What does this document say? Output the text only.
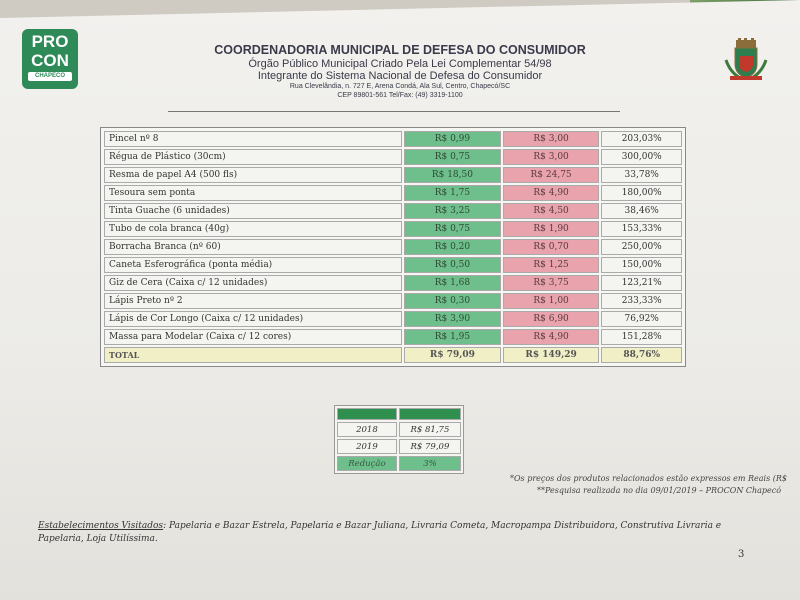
PRO
CON
CHAPECÓ
COORDENADORIA MUNICIPAL DE DEFESA DO CONSUMIDOR
Órgão Público Municipal Criado Pela Lei Complementar 54/98
Integrante do Sistema Nacional de Defesa do Consumidor
Rua Clevelândia, n. 727 E, Arena Condá, Ala Sul, Centro, Chapecó/SC
CEP 89801-561 Tel/Fax: (49) 3319-1100
Pincel nº 8	R$ 0,99	R$ 3,00	203,03%
Régua de Plástico (30cm)	R$ 0,75	R$ 3,00	300,00%
Resma de papel A4 (500 fls)	R$ 18,50	R$ 24,75	33,78%
Tesoura sem ponta	R$ 1,75	R$ 4,90	180,00%
Tinta Guache (6 unidades)	R$ 3,25	R$ 4,50	38,46%
Tubo de cola branca (40g)	R$ 0,75	R$ 1,90	153,33%
Borracha Branca (nº 60)	R$ 0,20	R$ 0,70	250,00%
Caneta Esferográfica (ponta média)	R$ 0,50	R$ 1,25	150,00%
Giz de Cera (Caixa c/ 12 unidades)	R$ 1,68	R$ 3,75	123,21%
Lápis Preto nº 2	R$ 0,30	R$ 1,00	233,33%
Lápis de Cor Longo (Caixa c/ 12 unidades)	R$ 3,90	R$ 6,90	76,92%
Massa para Modelar (Caixa c/ 12 cores)	R$ 1,95	R$ 4,90	151,28%
TOTAL	R$ 79,09	R$ 149,29	88,76%

2018	R$ 81,75
2019	R$ 79,09
Redução	3%
*Os preços dos produtos relacionados estão expressos em Reais (R$
**Pesquisa realizada no dia 09/01/2019 – PROCON Chapecó
Estabelecimentos Visitados: Papelaria e Bazar Estrela, Papelaria e Bazar Juliana, Livraria Cometa, Macropampa Distribuidora, Construtiva Livraria e Papelaria, Loja Utilíssima.
3
